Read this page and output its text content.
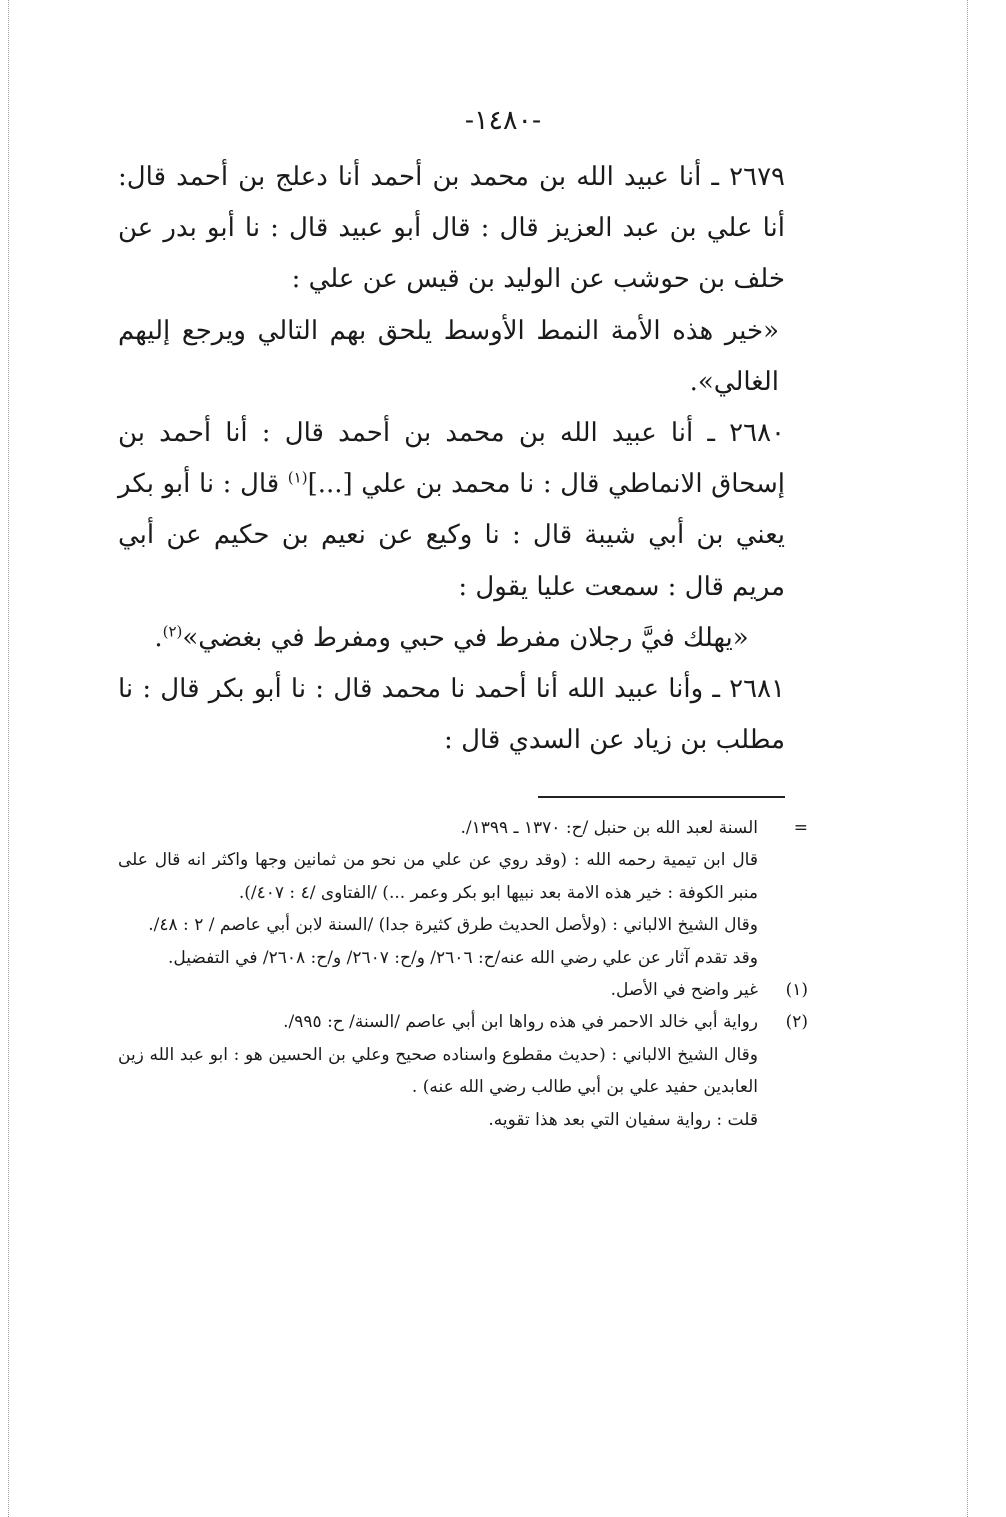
-١٤٨٠-

٢٦٧٩ ـ أنا عبيد الله بن محمد بن أحمد أنا دعلج بن أحمد قال: أنا علي بن عبد العزيز قال : قال أبو عبيد قال : نا أبو بدر عن خلف بن حوشب عن الوليد بن قيس عن علي :

«خير هذه الأمة النمط الأوسط يلحق بهم التالي ويرجع إليهم الغالي».

٢٦٨٠ ـ أنا عبيد الله بن محمد بن أحمد قال : أنا أحمد بن إسحاق الانماطي قال : نا محمد بن علي [...]$^{(١)}$ قال : نا أبو بكر يعني بن أبي شيبة قال : نا وكيع عن نعيم بن حكيم عن أبي مريم قال : سمعت عليا يقول :

«يهلك فيَّ رجلان مفرط في حبي ومفرط في بغضي»$^{(٢)}$.

٢٦٨١ ـ وأنا عبيد الله أنا أحمد نا محمد قال : نا أبو بكر قال : نا مطلب بن زياد عن السدي قال :

=
السنة لعبد الله بن حنبل /ح: ١٣٧٠ ـ ١٣٩٩/.

قال ابن تيمية رحمه الله : (وقد روي عن علي من نحو من ثمانين وجها واكثر انه قال على منبر الكوفة : خير هذه الامة بعد نبيها ابو بكر وعمر ...) /الفتاوى /٤ : ٤٠٧/).

وقال الشيخ الالباني : (ولأصل الحديث طرق كثيرة جدا) /السنة لابن أبي عاصم / ٢ : ٤٨/.

وقد تقدم آثار عن علي رضي الله عنه/ح: ٢٦٠٦/ و/ح: ٢٦٠٧/ و/ح: ٢٦٠٨/ في التفضيل.

(١)
غير واضح في الأصل.
(٢)
رواية أبي خالد الاحمر في هذه رواها ابن أبي عاصم /السنة/ ح: ٩٩٥/.

وقال الشيخ الالباني : (حديث مقطوع واسناده صحيح وعلي بن الحسين هو : ابو عبد الله زين العابدين حفيد علي بن أبي طالب رضي الله عنه) .

قلت : رواية سفيان التي بعد هذا تقويه.
